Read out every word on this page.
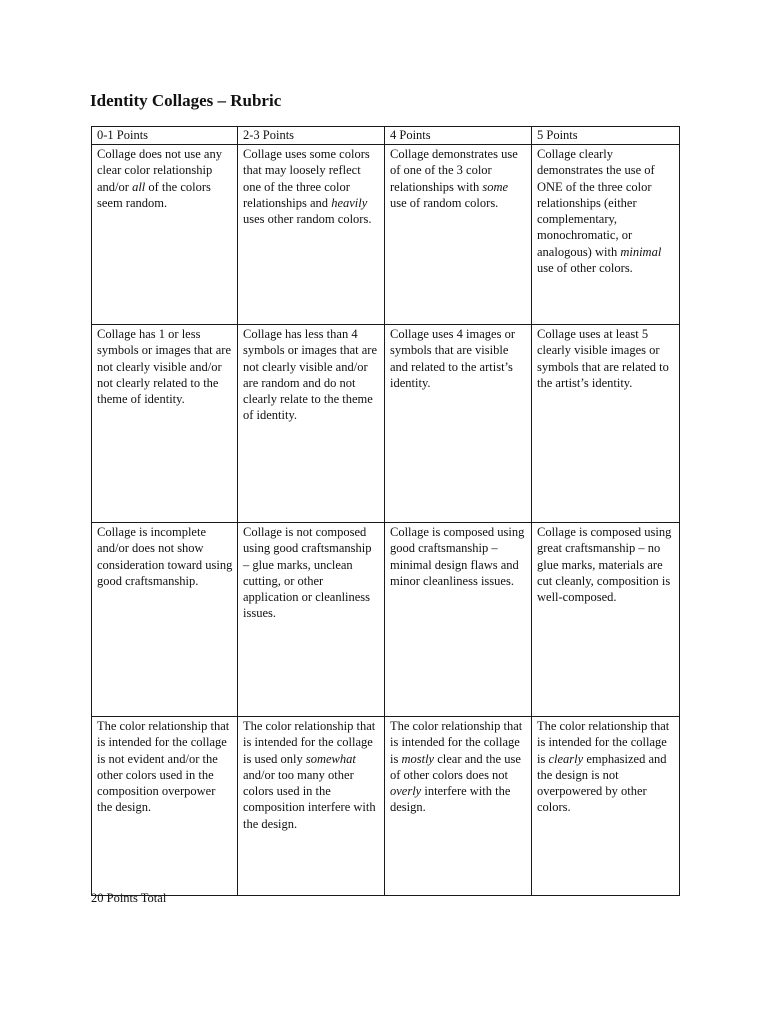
Identity Collages – Rubric
0-1 Points	2-3 Points	4 Points	5 Points
Collage does not use any clear color relationship and/or all of the colors seem random.	Collage uses some colors that may loosely reflect one of the three color relationships and heavily uses other random colors.	Collage demonstrates use of one of the 3 color relationships with some use of random colors.	Collage clearly demonstrates the use of ONE of the three color relationships (either complementary, monochromatic, or analogous) with minimal use of other colors.
Collage has 1 or less symbols or images that are not clearly visible and/or not clearly related to the theme of identity.	Collage has less than 4 symbols or images that are not clearly visible and/or are random and do not clearly relate to the theme of identity.	Collage uses 4 images or symbols that are visible and related to the artist’s identity.	Collage uses at least 5 clearly visible images or symbols that are related to the artist’s identity.
Collage is incomplete and/or does not show consideration toward using good craftsmanship.	Collage is not composed using good craftsmanship – glue marks, unclean cutting, or other application or cleanliness issues.	Collage is composed using good craftsmanship – minimal design flaws and minor cleanliness issues.	Collage is composed using great craftsmanship – no glue marks, materials are cut cleanly, composition is well-composed.
The color relationship that is intended for the collage is not evident and/or the other colors used in the composition overpower the design.	The color relationship that is intended for the collage is used only somewhat and/or too many other colors used in the composition interfere with the design.	The color relationship that is intended for the collage is mostly clear and the use of other colors does not overly interfere with the design.	The color relationship that is intended for the collage is clearly emphasized and the design is not overpowered by other colors.

20 Points Total
